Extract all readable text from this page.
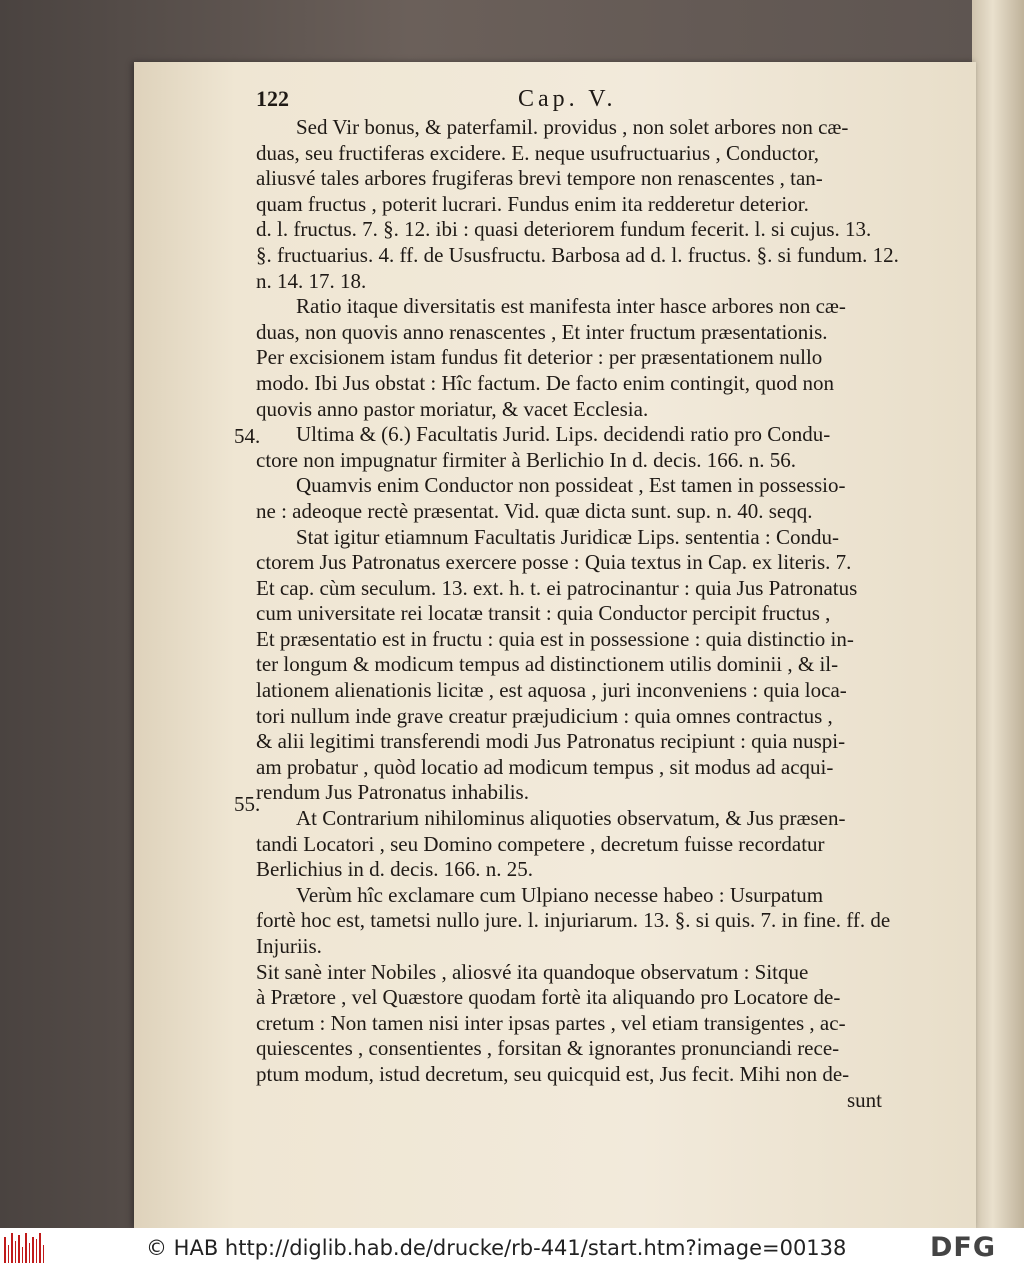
122	Cap. V.
54.
55.
Sed Vir bonus, & paterfamil. providus , non solet arbores non cæ-
duas, seu fructiferas excidere. E. neque usufructuarius , Conductor,
aliusvé tales arbores frugiferas brevi tempore non renascentes , tan-
quam fructus , poterit lucrari. Fundus enim ita redderetur deterior.
d. l. fructus. 7. §. 12. ibi : quasi deteriorem fundum fecerit. l. si cujus. 13.
§. fructuarius. 4. ff. de Ususfructu. Barbosa ad d. l. fructus. §. si fundum. 12.
n. 14. 17. 18.
Ratio itaque diversitatis est manifesta inter hasce arbores non cæ-
duas, non quovis anno renascentes , Et inter fructum præsentationis.
Per excisionem istam fundus fit deterior : per præsentationem nullo
modo. Ibi Jus obstat : Hîc factum. De facto enim contingit, quod non
quovis anno pastor moriatur, & vacet Ecclesia.
Ultima & (6.) Facultatis Jurid. Lips. decidendi ratio pro Condu-
ctore non impugnatur firmiter à Berlichio In d. decis. 166. n. 56.
Quamvis enim Conductor non possideat , Est tamen in possessio-
ne : adeoque rectè præsentat. Vid. quæ dicta sunt. sup. n. 40. seqq.
Stat igitur etiamnum Facultatis Juridicæ Lips. sententia : Condu-
ctorem Jus Patronatus exercere posse : Quia textus in Cap. ex literis. 7.
Et cap. cùm seculum. 13. ext. h. t. ei patrocinantur : quia Jus Patronatus
cum universitate rei locatæ transit : quia Conductor percipit fructus ,
Et præsentatio est in fructu : quia est in possessione : quia distinctio in-
ter longum & modicum tempus ad distinctionem utilis dominii , & il-
lationem alienationis licitæ , est aquosa , juri inconveniens : quia loca-
tori nullum inde grave creatur præjudicium : quia omnes contractus ,
& alii legitimi transferendi modi Jus Patronatus recipiunt : quia nuspi-
am probatur , quòd locatio ad modicum tempus , sit modus ad acqui-
rendum Jus Patronatus inhabilis.
At Contrarium nihilominus aliquoties observatum, & Jus præsen-
tandi Locatori , seu Domino competere , decretum fuisse recordatur
Berlichius in d. decis. 166. n. 25.
Verùm hîc exclamare cum Ulpiano necesse habeo : Usurpatum
fortè hoc est, tametsi nullo jure. l. injuriarum. 13. §. si quis. 7. in fine. ff. de
Injuriis.
Sit sanè inter Nobiles , aliosvé ita quandoque observatum : Sitque
à Prætore , vel Quæstore quodam fortè ita aliquando pro Locatore de-
cretum : Non tamen nisi inter ipsas partes , vel etiam transigentes , ac-
quiescentes , consentientes , forsitan & ignorantes pronunciandi rece-
ptum modum, istud decretum, seu quicquid est, Jus fecit. Mihi non de-
sunt
© HAB http://diglib.hab.de/drucke/rb-441/start.htm?image=00138	DFG
